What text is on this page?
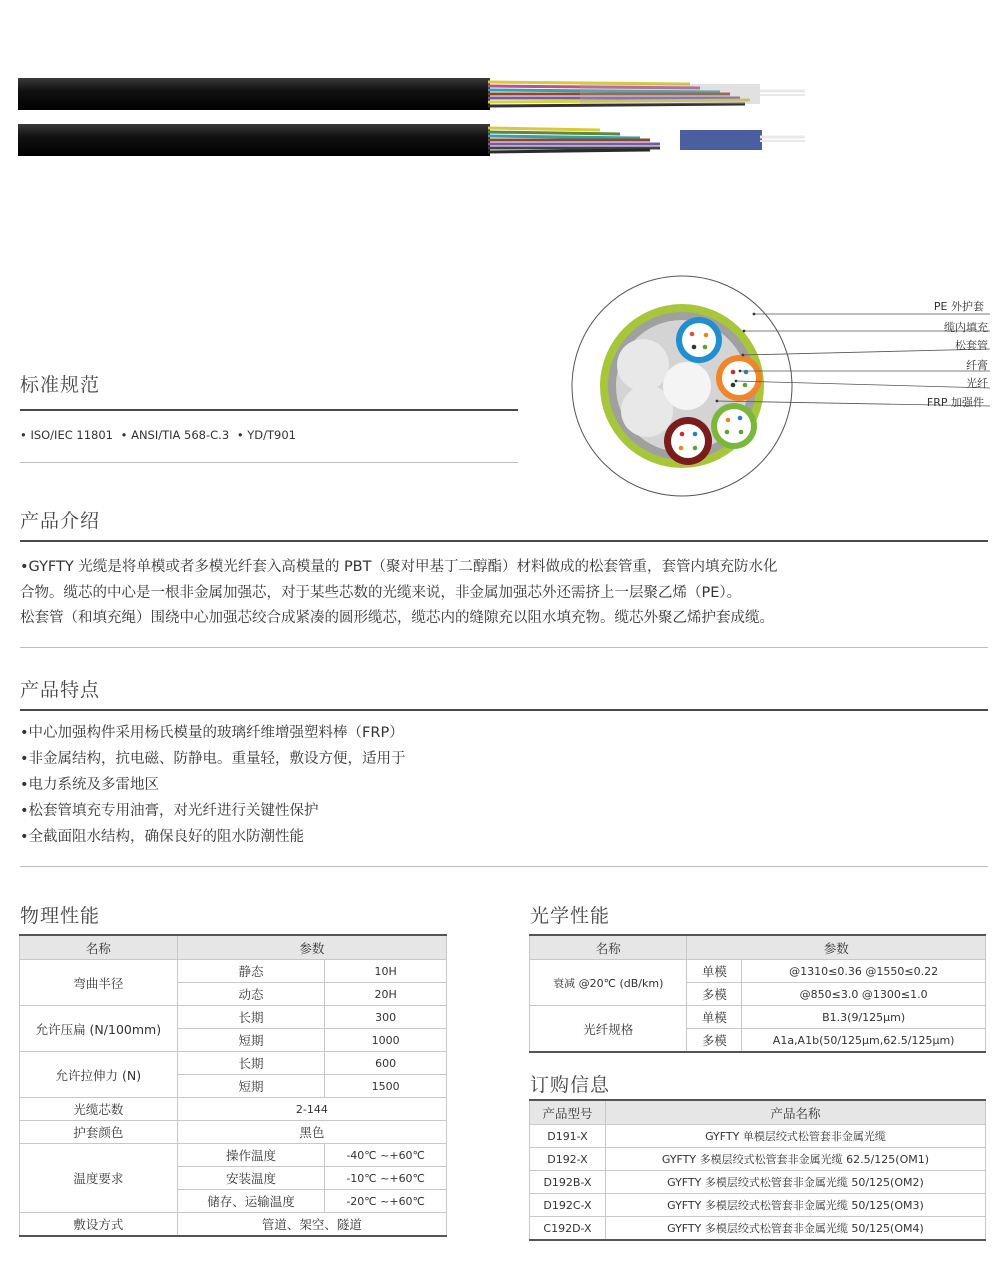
PE 外护套
缆内填充
松套管
纤膏
光纤
FRP 加强件
标准规范
• ISO/IEC 11801 • ANSI/TIA 568-C.3 • YD/T901
产品介绍
•GYFTY 光缆是将单模或者多模光纤套入高模量的 PBT（聚对甲基丁二醇酯）材料做成的松套管重，套管内填充防水化
合物。缆芯的中心是一根非金属加强芯，对于某些芯数的光缆来说，非金属加强芯外还需挤上一层聚乙烯（PE）。
松套管（和填充绳）围绕中心加强芯绞合成紧凑的圆形缆芯，缆芯内的缝隙充以阻水填充物。缆芯外聚乙烯护套成缆。
产品特点
•中心加强构件采用杨氏模量的玻璃纤维增强塑料棒（FRP）
•非金属结构，抗电磁、防静电。重量轻，敷设方便，适用于
•电力系统及多雷地区
•松套管填充专用油膏，对光纤进行关键性保护
•全截面阻水结构，确保良好的阻水防潮性能
物理性能
名称	参数	
弯曲半径	静态	10H
	动态	20H
允许压扁 (N/100mm)	长期	300
	短期	1000
允许拉伸力 (N)	长期	600
	短期	1500
光缆芯数	2-144	
护套颜色	黑色	
温度要求	操作温度	-40℃ ~+60℃
	安装温度	-10℃ ~+60℃
	储存、运输温度	-20℃ ~+60℃
敷设方式	管道、架空、隧道	
光学性能
名称	参数	
衰减 @20℃ (dB/km)	单模	@1310≤0.36 @1550≤0.22
	多模	@850≤3.0 @1300≤1.0
光纤规格	单模	B1.3(9/125μm)
	多模	A1a,A1b(50/125μm,62.5/125μm)
订购信息
产品型号	产品名称
D191-X	GYFTY 单模层绞式松管套非金属光缆
D192-X	GYFTY 多模层绞式松管套非金属光缆 62.5/125(OM1)
D192B-X	GYFTY 多模层绞式松管套非金属光缆 50/125(OM2)
D192C-X	GYFTY 多模层绞式松管套非金属光缆 50/125(OM3)
C192D-X	GYFTY 多模层绞式松管套非金属光缆 50/125(OM4)
